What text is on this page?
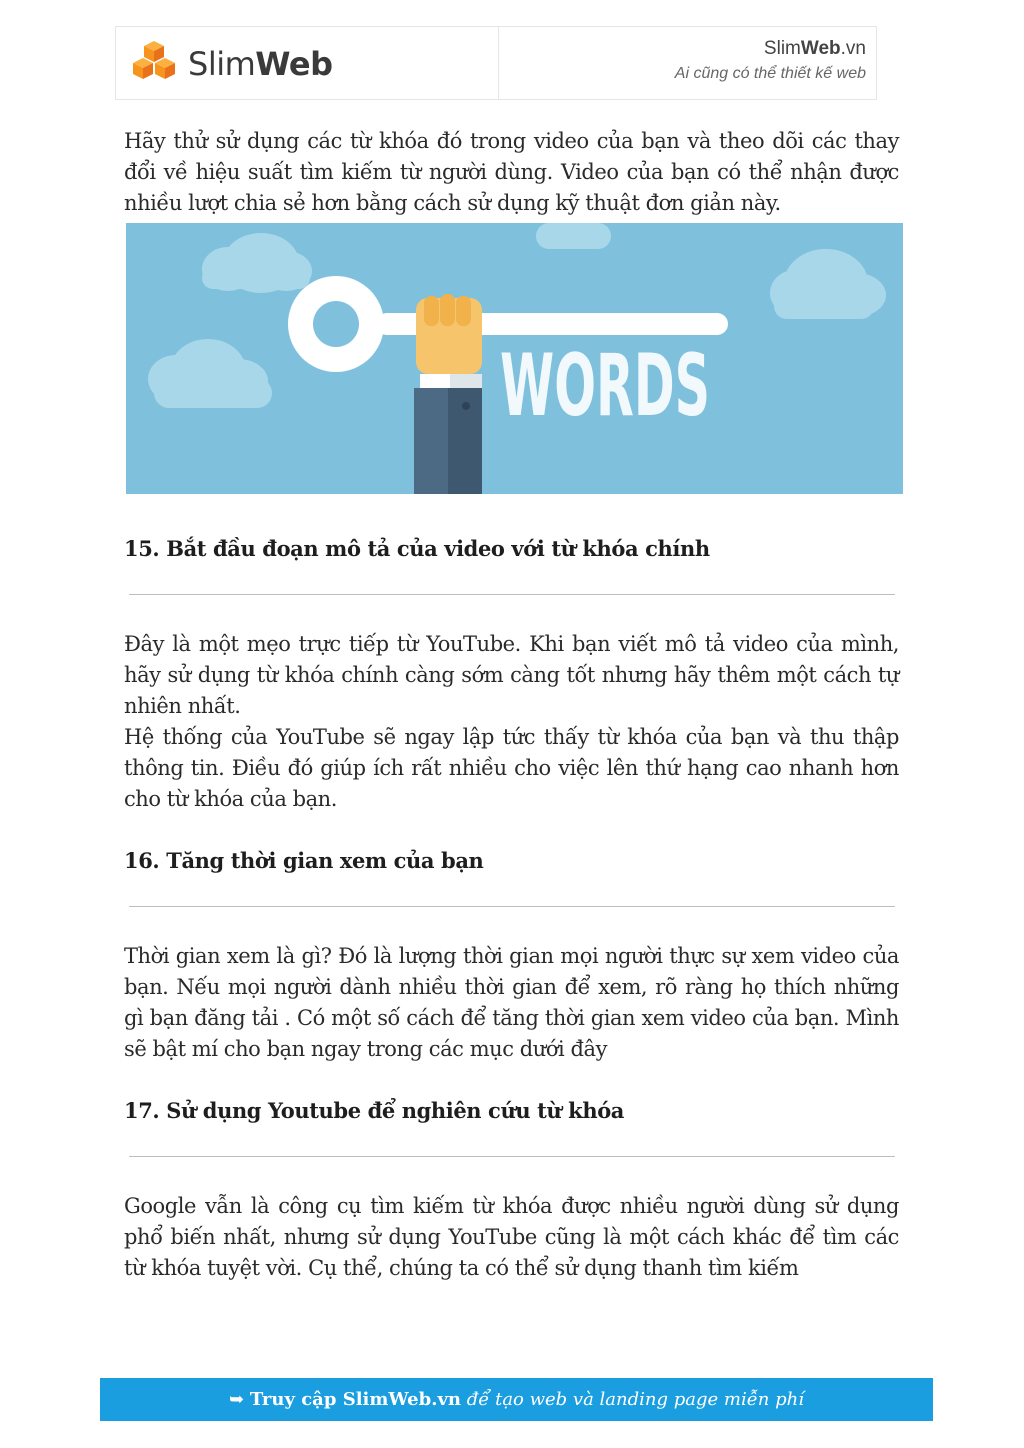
SlimWeb	SlimWeb.vn
Ai cũng có thể thiết kế web

Hãy thử sử dụng các từ khóa đó trong video của bạn và theo dõi các thay đổi về hiệu suất tìm kiếm từ người dùng. Video của bạn có thể nhận được nhiều lượt chia sẻ hơn bằng cách sử dụng kỹ thuật đơn giản này.

WORDS
15. Bắt đầu đoạn mô tả của video với từ khóa chính

Đây là một mẹo trực tiếp từ YouTube. Khi bạn viết mô tả video của mình, hãy sử dụng từ khóa chính càng sớm càng tốt nhưng hãy thêm một cách tự nhiên nhất.

Hệ thống của YouTube sẽ ngay lập tức thấy từ khóa của bạn và thu thập thông tin. Điều đó giúp ích rất nhiều cho việc lên thứ hạng cao nhanh hơn cho từ khóa của bạn.

16. Tăng thời gian xem của bạn

Thời gian xem là gì? Đó là lượng thời gian mọi người thực sự xem video của bạn. Nếu mọi người dành nhiều thời gian để xem, rõ ràng họ thích những gì bạn đăng tải . Có một số cách để tăng thời gian xem video của bạn. Mình sẽ bật mí cho bạn ngay trong các mục dưới đây

17. Sử dụng Youtube để nghiên cứu từ khóa

Google vẫn là công cụ tìm kiếm từ khóa được nhiều người dùng sử dụng phổ biến nhất, nhưng sử dụng YouTube cũng là một cách khác để tìm các từ khóa tuyệt vời. Cụ thể, chúng ta có thể sử dụng thanh tìm kiếm

➥ Truy cập SlimWeb.vn để tạo web và landing page miễn phí
